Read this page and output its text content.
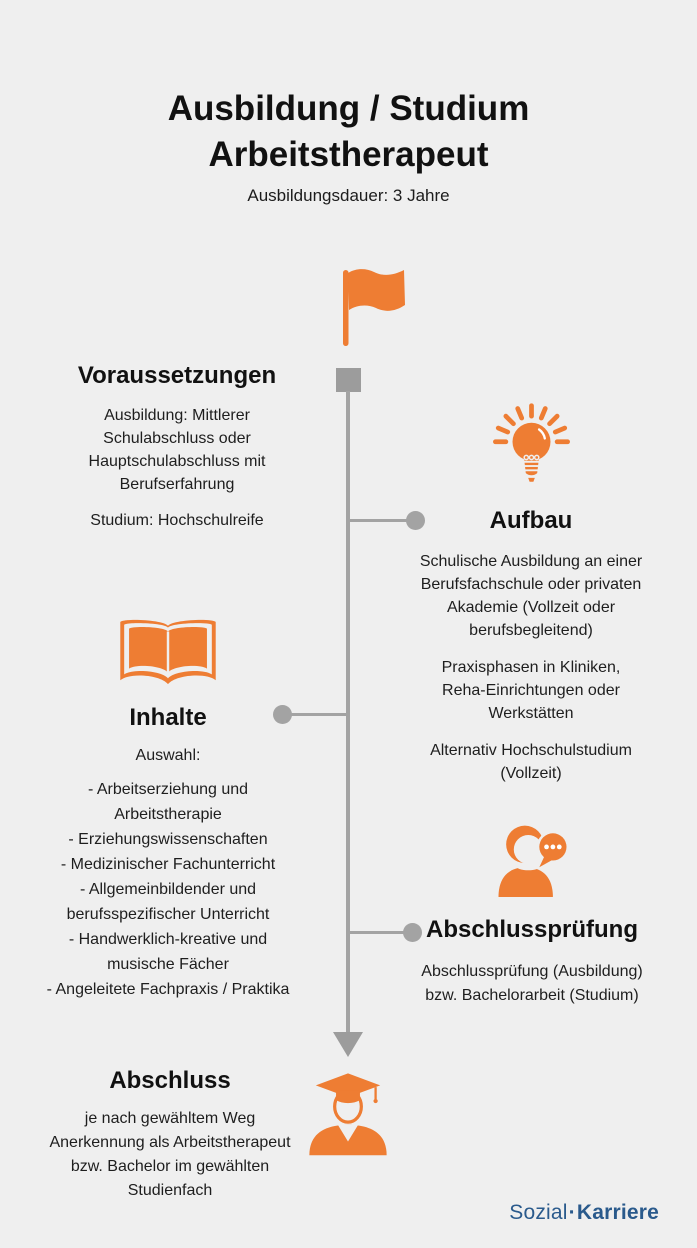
Ausbildung / Studium
Arbeitstherapeut
Ausbildungsdauer: 3 Jahre
Voraussetzungen

Ausbildung: Mittlerer Schulabschluss oder Hauptschulabschluss mit Berufserfahrung

Studium: Hochschulreife	Aufbau

Schulische Ausbildung an einer Berufsfachschule oder privaten Akademie (Vollzeit oder berufsbegleitend)

Praxisphasen in Kliniken, Reha-Einrichtungen oder Werkstätten

Alternativ Hochschulstudium (Vollzeit)

Inhalte
Auswahl:
- Arbeitserziehung und Arbeitstherapie
- Erziehungswissenschaften
- Medizinischer Fachunterricht
- Allgemeinbildender und berufsspezifischer Unterricht
- Handwerklich-kreative und musische Fächer
- Angeleitete Fachpraxis / Praktika
Abschlussprüfung

Abschlussprüfung (Ausbildung) bzw. Bachelorarbeit (Studium)

Abschluss

je nach gewähltem Weg Anerkennung als Arbeitstherapeut bzw. Bachelor im gewählten Studienfach

Sozial·Karriere
